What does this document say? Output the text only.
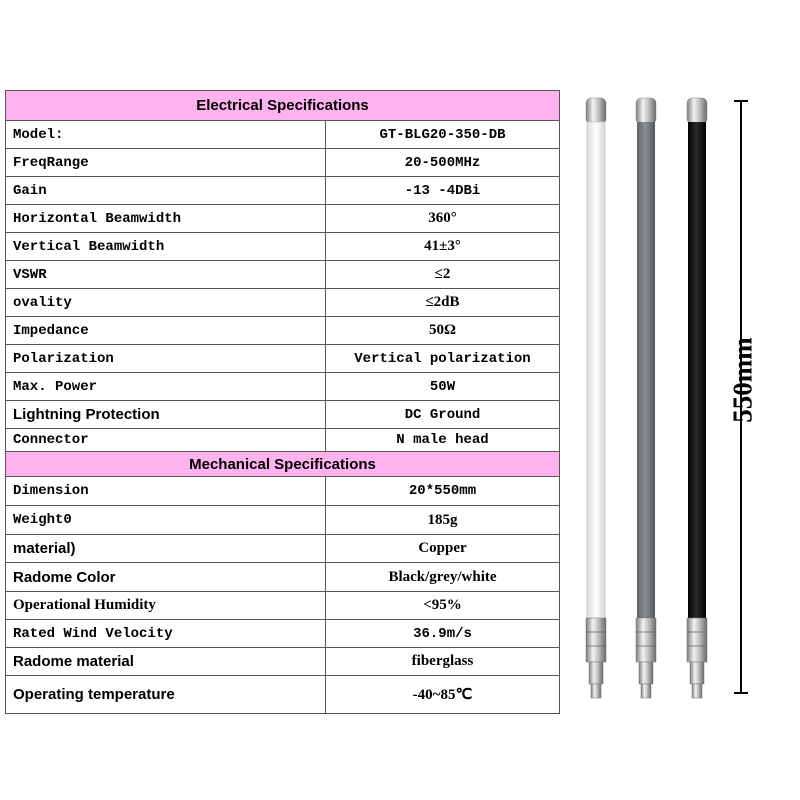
Electrical Specifications
Model:	GT-BLG20-350-DB
FreqRange	20-500MHz
Gain	-13 -4DBi
Horizontal Beamwidth	360°
Vertical Beamwidth	41±3°
VSWR	≤2
ovality	≤2dB
Impedance	50Ω
Polarization	Vertical polarization
Max. Power	50W
Lightning Protection	DC Ground
Connector	N male head
Mechanical Specifications
Dimension	20*550mm
Weight0	185g
material)	Copper
Radome Color	Black/grey/white
Operational Humidity	<95%
Rated Wind Velocity	36.9m/s
Radome material	fiberglass
Operating temperature	-40~85℃
550mm
